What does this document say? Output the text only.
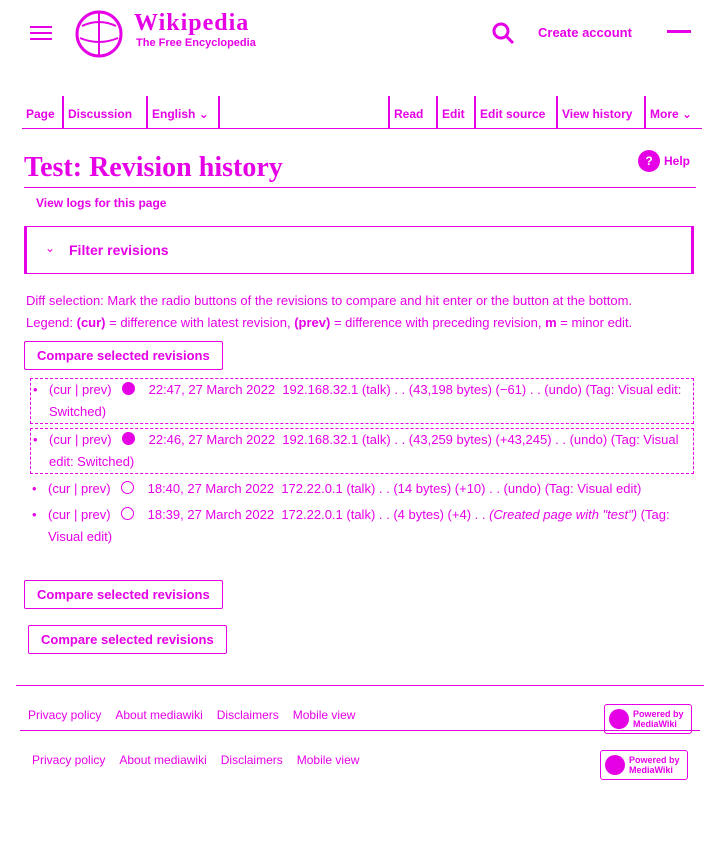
Wikipedia
The Free Encyclopedia
Create account
Page	Discussion	English ⌄	Read	Edit	Edit source	View history	More ⌄
Test: Revision history	? Help
View logs for this page
⌄ Filter revisions
Diff selection: Mark the radio buttons of the revisions to compare and hit enter or the button at the bottom.
Legend: (cur) = difference with latest revision, (prev) = difference with preceding revision, m = minor edit.
Compare selected revisions
• (cur | prev)	22:47, 27 March 2022 192.168.32.1 (talk) . . (43,198 bytes) (−61) . . (undo) (Tag: Visual edit: Switched)
• (cur | prev)	22:46, 27 March 2022 192.168.32.1 (talk) . . (43,259 bytes) (+43,245) . . (undo) (Tag: Visual edit: Switched)
• (cur | prev)	18:40, 27 March 2022 172.22.0.1 (talk) . . (14 bytes) (+10) . . (undo) (Tag: Visual edit)
• (cur | prev)	18:39, 27 March 2022 172.22.0.1 (talk) . . (4 bytes) (+4) . . (Created page with "test") (Tag: Visual edit)
Compare selected revisions
Compare selected revisions
Privacy policy About mediawiki Disclaimers Mobile view	Powered by MediaWiki
Privacy policy About mediawiki Disclaimers Mobile view	Powered by MediaWiki
